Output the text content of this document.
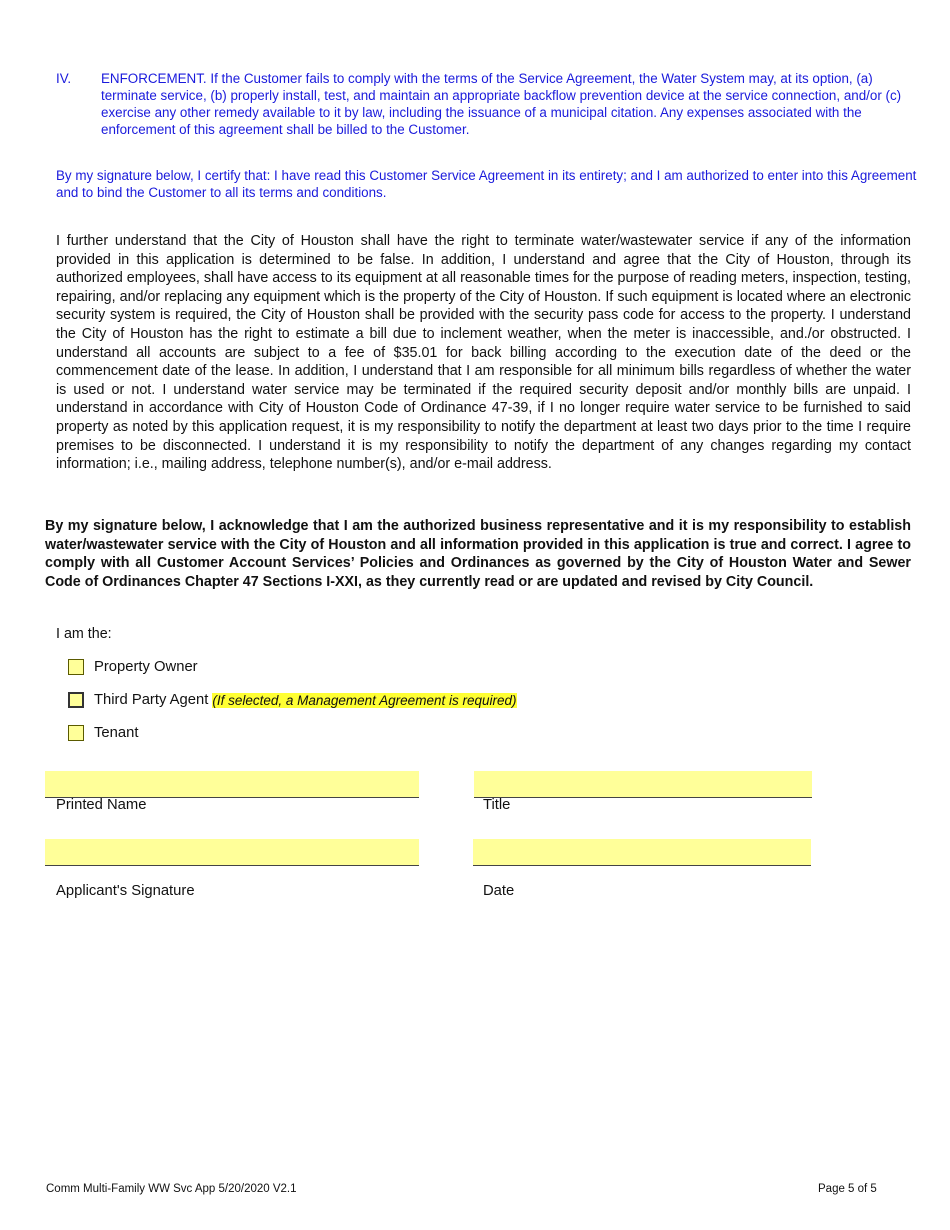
IV. ENFORCEMENT. If the Customer fails to comply with the terms of the Service Agreement, the Water System may, at its option, (a) terminate service, (b) properly install, test, and maintain an appropriate backflow prevention device at the service connection, and/or (c) exercise any other remedy available to it by law, including the issuance of a municipal citation. Any expenses associated with the enforcement of this agreement shall be billed to the Customer.
By my signature below, I certify that: I have read this Customer Service Agreement in its entirety; and I am authorized to enter into this Agreement and to bind the Customer to all its terms and conditions.
I further understand that the City of Houston shall have the right to terminate water/wastewater service if any of the information provided in this application is determined to be false. In addition, I understand and agree that the City of Houston, through its authorized employees, shall have access to its equipment at all reasonable times for the purpose of reading meters, inspection, testing, repairing, and/or replacing any equipment which is the property of the City of Houston. If such equipment is located where an electronic security system is required, the City of Houston shall be provided with the security pass code for access to the property. I understand the City of Houston has the right to estimate a bill due to inclement weather, when the meter is inaccessible, and./or obstructed. I understand all accounts are subject to a fee of $35.01 for back billing according to the execution date of the deed or the commencement date of the lease. In addition, I understand that I am responsible for all minimum bills regardless of whether the water is used or not. I understand water service may be terminated if the required security deposit and/or monthly bills are unpaid. I understand in accordance with City of Houston Code of Ordinance 47-39, if I no longer require water service to be furnished to said property as noted by this application request, it is my responsibility to notify the department at least two days prior to the time I require premises to be disconnected. I understand it is my responsibility to notify the department of any changes regarding my contact information; i.e., mailing address, telephone number(s), and/or e-mail address.
By my signature below, I acknowledge that I am the authorized business representative and it is my responsibility to establish water/wastewater service with the City of Houston and all information provided in this application is true and correct. I agree to comply with all Customer Account Services’ Policies and Ordinances as governed by the City of Houston Water and Sewer Code of Ordinances Chapter 47 Sections I-XXI, as they currently read or are updated and revised by City Council.
I am the:
Property Owner
Third Party Agent (If selected, a Management Agreement is required)
Tenant
Printed Name	Title
Applicant's Signature	Date
Comm Multi-Family WW Svc App 5/20/2020 V2.1	Page 5 of 5
